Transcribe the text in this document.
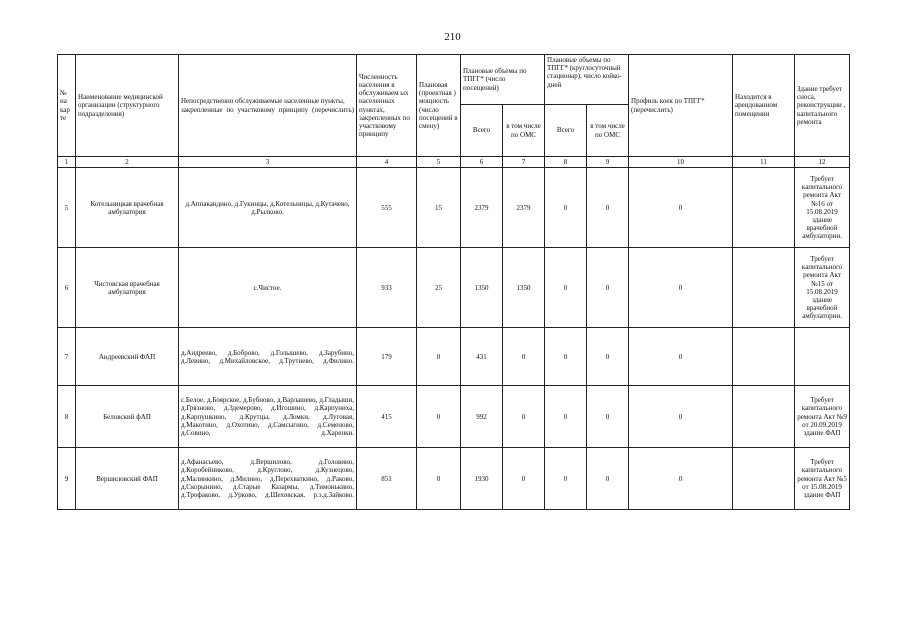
210
№ на кар те	Наименование медицинской организации (структурного подразделения)	Непосредственно обслуживаемые населенные пункты, закрепленные по участковому принципу (перечислить)	Численность населения в обслуживаем ых населенных пунктах, закрепленных по участковому принципу	Плановая (проектная ) мощность (число посещений в смену)	Плановые объемы по ТПГГ* (число посещений)		Плановые объемы по ТПГГ* (круглосуточный стационар), число койко-дней		Профиль коек по ТПГГ* (перечислить)	Находится в арендованном помещении	Здание требует сноса, реконструкции , капитального ремонта
					Всего	в том числе по ОМС	Всего	в том числе по ОМС			
1	2	3	4	5	6	7	8	9	10	11	12
5	Котельницкая врачебная амбулатория	д.Аппакандино, д.Гукинцы, д.Котельницы, д.Кутачево, д.Рылково.	555	15	2379	2379	0	0	0		Требует капитального ремонта Акт №16 от 15.08.2019 здание врачебной амбулатории.
6	Чистовская врачебная амбулатория	с.Чистое.	933	25	1350	1350	0	0	0		Требует капитального ремонта Акт №15 от 15.08.2019 здание врачебной амбулатории.
7	Андреевский ФАП	д.Андреево, д.Боброво, д.Голышево, д.Зарубино, д.Левино, д.Михайловское, д.Трутнево, д.Филино.	179	0	431	0	0	0	0		
8	Беловский фАП	с.Белое, д.Боярское, д.Бубново, д.Варлашево, д.Гладыши, д.Грязново, д.Здемерово, д.Игошино, д.Карпуниха, д.Карпушкино, д.Крутцы, д.Ломки, д.Луговая, д.Макотино, д.Охотино, д.Самсыгино, д.Семеново, д.Совино, д.Харенки.	415	0	992	0	0	0	0		Требует капитального ремонта Акт №9 от 20.09.2019 здание ФАП
9	Вершиловский ФАП	д.Афанасьево, д.Вершилово, д.Головино, д.Коробейниково, д.Круглово, д.Кузнецово, д.Малинкино, д.Милино, д.Перехваткино, д.Раково, д.Скорынино, д.Старые Казармы, д.Тимонькино, д.Трофаково, д.Урково, д.Шеховская, р.з.д.Зайково.	851	0	1930	0	0	0	0		Требует капитального ремонта Акт №5 от 15.08.2019 здание ФАП
